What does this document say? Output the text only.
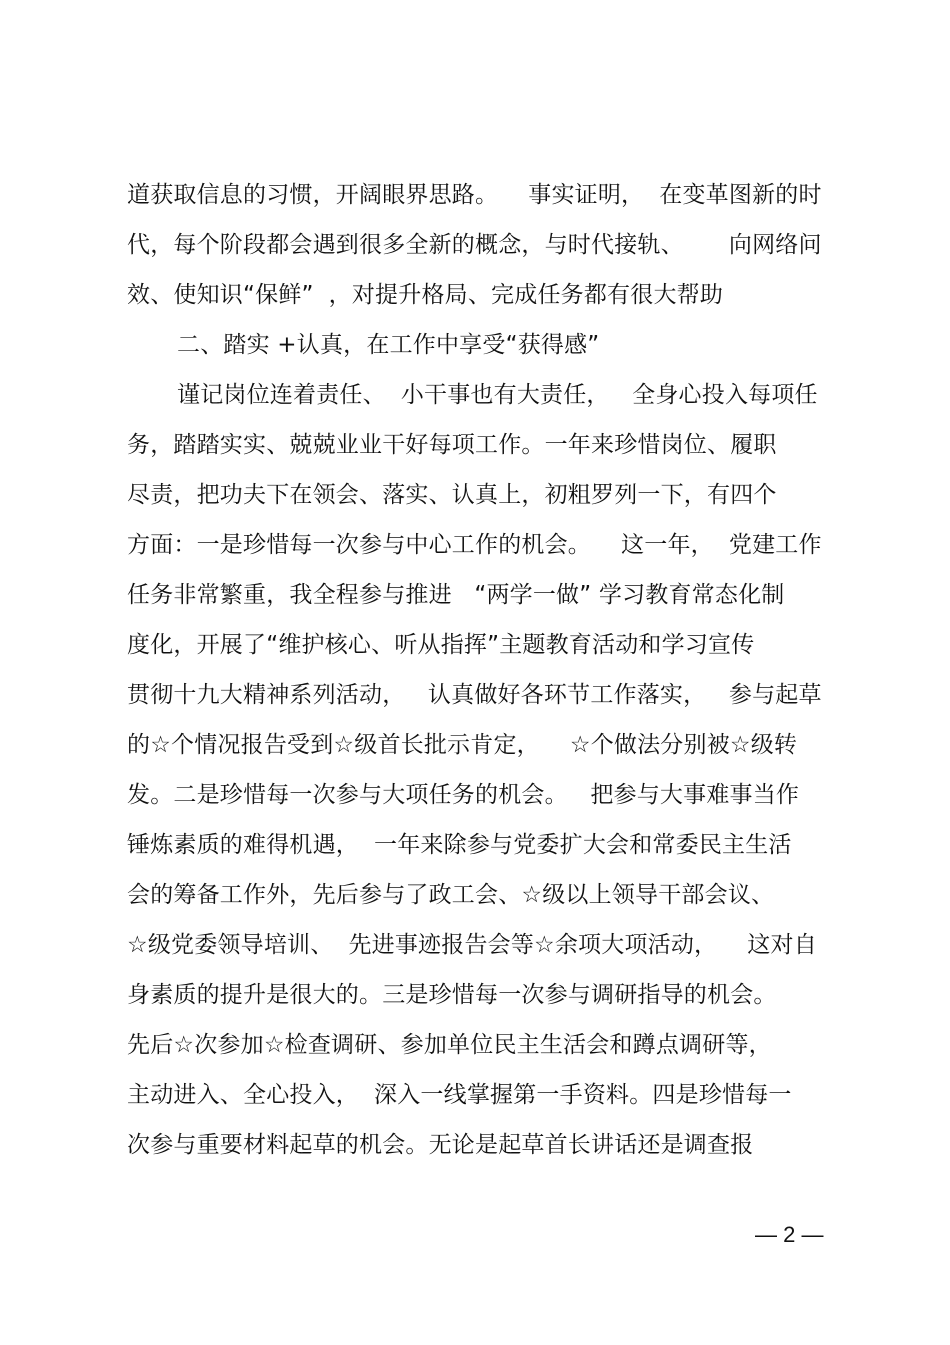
道获取信息的习惯，开阔眼界思路。    事实证明，  在变革图新的时
代，每个阶段都会遇到很多全新的概念，与时代接轨、      向网络问
效、使知识“保鲜”  ，对提升格局、完成任务都有很大帮助
二、踏实 +认真，在工作中享受“获得感”
谨记岗位连着责任、  小干事也有大责任，   全身心投入每项任
务，踏踏实实、兢兢业业干好每项工作。一年来珍惜岗位、履职
尽责，把功夫下在领会、落实、认真上，初粗罗列一下，有四个
方面：一是珍惜每一次参与中心工作的机会。    这一年，  党建工作
任务非常繁重，我全程参与推进   “两学一做” 学习教育常态化制
度化，开展了“维护核心、听从指挥”主题教育活动和学习宣传
贯彻十九大精神系列活动，   认真做好各环节工作落实，   参与起草
的☆个情况报告受到☆级首长批示肯定，    ☆个做法分别被☆级转
发。二是珍惜每一次参与大项任务的机会。   把参与大事难事当作
锤炼素质的难得机遇，  一年来除参与党委扩大会和常委民主生活
会的筹备工作外，先后参与了政工会、☆级以上领导干部会议、
☆级党委领导培训、  先进事迹报告会等☆余项大项活动，    这对自
身素质的提升是很大的。三是珍惜每一次参与调研指导的机会。
先后☆次参加☆检查调研、参加单位民主生活会和蹲点调研等，
主动进入、全心投入，  深入一线掌握第一手资料。四是珍惜每一
次参与重要材料起草的机会。无论是起草首长讲话还是调查报
— 2 —
